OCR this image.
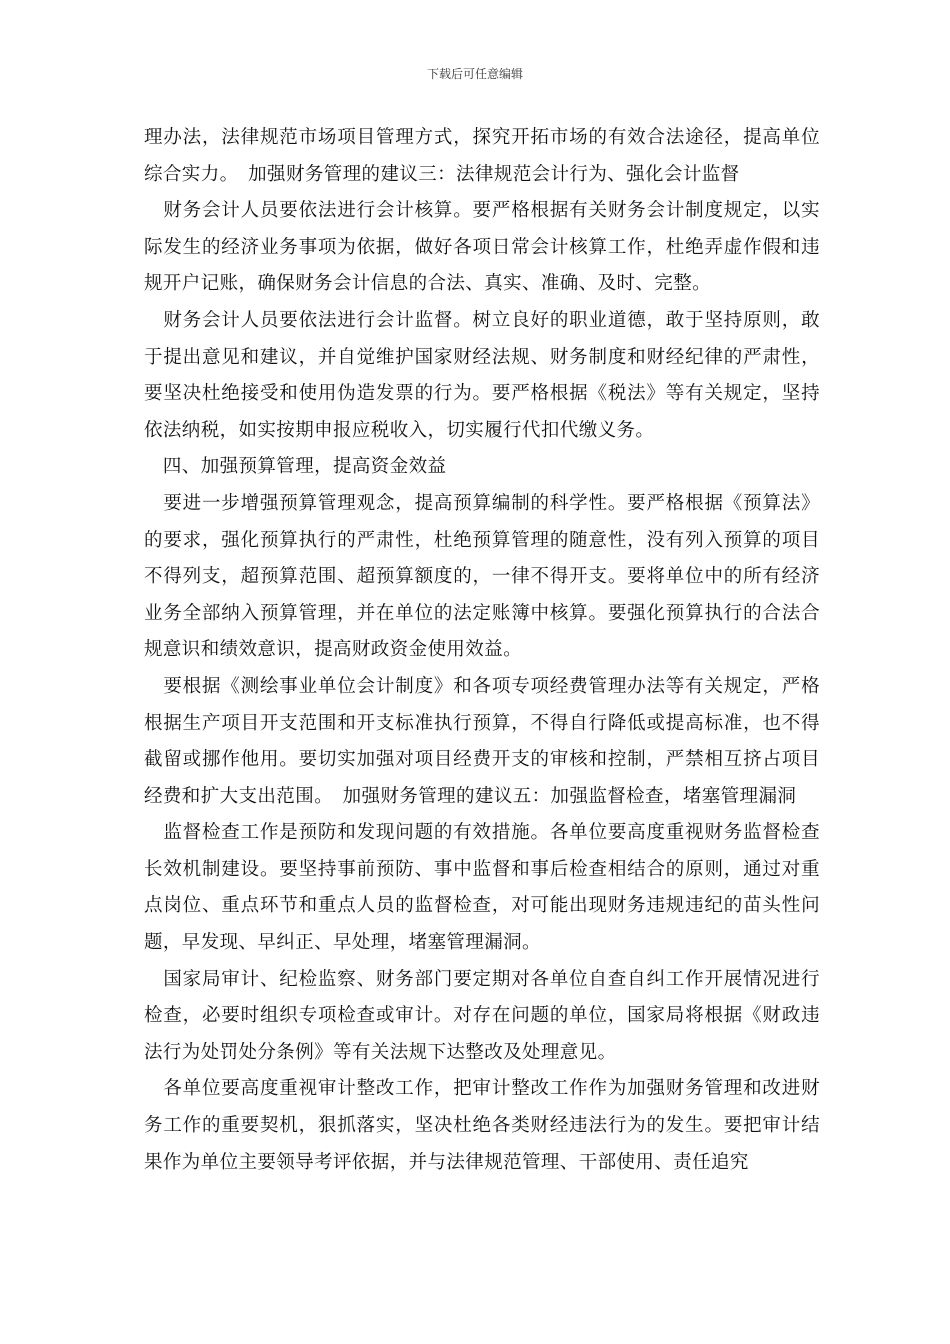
下载后可任意编辑

理办法，法律规范市场项目管理方式，探究开拓市场的有效合法途径，提高单位综合实力。　加强财务管理的建议三：法律规范会计行为、强化会计监督

　财务会计人员要依法进行会计核算。要严格根据有关财务会计制度规定，以实际发生的经济业务事项为依据，做好各项日常会计核算工作，杜绝弄虚作假和违规开户记账，确保财务会计信息的合法、真实、准确、及时、完整。

　财务会计人员要依法进行会计监督。树立良好的职业道德，敢于坚持原则，敢于提出意见和建议，并自觉维护国家财经法规、财务制度和财经纪律的严肃性，要坚决杜绝接受和使用伪造发票的行为。要严格根据《税法》等有关规定，坚持依法纳税，如实按期申报应税收入，切实履行代扣代缴义务。

　四、加强预算管理，提高资金效益

　要进一步增强预算管理观念，提高预算编制的科学性。要严格根据《预算法》的要求，强化预算执行的严肃性，杜绝预算管理的随意性，没有列入预算的项目不得列支，超预算范围、超预算额度的，一律不得开支。要将单位中的所有经济业务全部纳入预算管理，并在单位的法定账簿中核算。要强化预算执行的合法合规意识和绩效意识，提高财政资金使用效益。

　要根据《测绘事业单位会计制度》和各项专项经费管理办法等有关规定，严格根据生产项目开支范围和开支标准执行预算，不得自行降低或提高标准，也不得截留或挪作他用。要切实加强对项目经费开支的审核和控制，严禁相互挤占项目经费和扩大支出范围。　加强财务管理的建议五：加强监督检查，堵塞管理漏洞

　监督检查工作是预防和发现问题的有效措施。各单位要高度重视财务监督检查长效机制建设。要坚持事前预防、事中监督和事后检查相结合的原则，通过对重点岗位、重点环节和重点人员的监督检查，对可能出现财务违规违纪的苗头性问题，早发现、早纠正、早处理，堵塞管理漏洞。

　国家局审计、纪检监察、财务部门要定期对各单位自查自纠工作开展情况进行检查，必要时组织专项检查或审计。对存在问题的单位，国家局将根据《财政违法行为处罚处分条例》等有关法规下达整改及处理意见。

　各单位要高度重视审计整改工作，把审计整改工作作为加强财务管理和改进财务工作的重要契机，狠抓落实，坚决杜绝各类财经违法行为的发生。要把审计结果作为单位主要领导考评依据，并与法律规范管理、干部使用、责任追究
